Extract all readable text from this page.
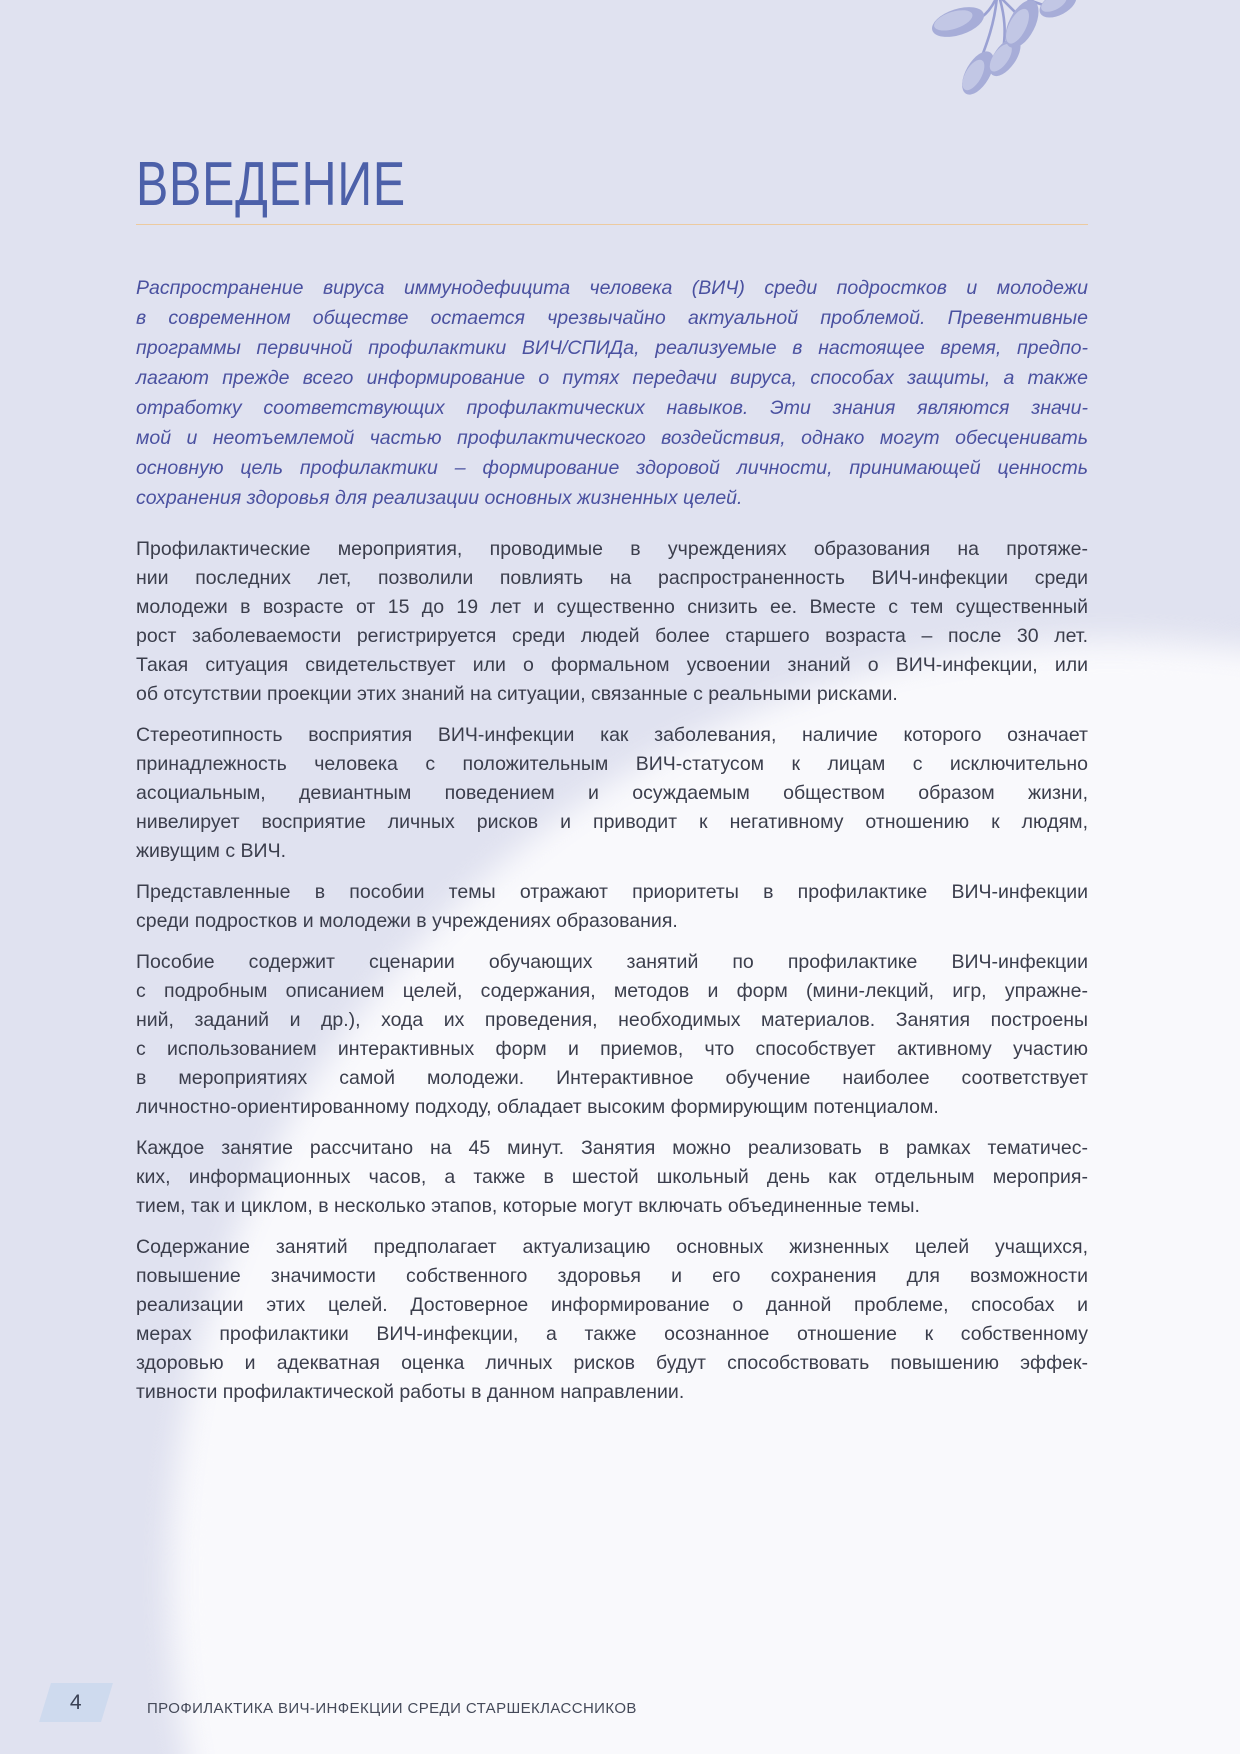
ВВЕДЕНИЕ
Распространение вируса иммунодефицита человека (ВИЧ) среди подростков и молодежи
в современном обществе остается чрезвычайно актуальной проблемой. Превентивные
программы первичной профилактики ВИЧ/СПИДа, реализуемые в настоящее время, предпо-
лагают прежде всего информирование о путях передачи вируса, способах защиты, а также
отработку соответствующих профилактических навыков. Эти знания являются значи-
мой и неотъемлемой частью профилактического воздействия, однако могут обесценивать
основную цель профилактики – формирование здоровой личности, принимающей ценность
сохранения здоровья для реализации основных жизненных целей.
Профилактические мероприятия, проводимые в учреждениях образования на протяже-
нии последних лет, позволили повлиять на распространенность ВИЧ-инфекции среди
молодежи в возрасте от 15 до 19 лет и существенно снизить ее. Вместе с тем существенный
рост заболеваемости регистрируется среди людей более старшего возраста – после 30 лет.
Такая ситуация свидетельствует или о формальном усвоении знаний о ВИЧ-инфекции, или
об отсутствии проекции этих знаний на ситуации, связанные с реальными рисками.
Стереотипность восприятия ВИЧ-инфекции как заболевания, наличие которого означает
принадлежность человека с положительным ВИЧ-статусом к лицам с исключительно
асоциальным, девиантным поведением и осуждаемым обществом образом жизни,
нивелирует восприятие личных рисков и приводит к негативному отношению к людям,
живущим с ВИЧ.
Представленные в пособии темы отражают приоритеты в профилактике ВИЧ-инфекции
среди подростков и молодежи в учреждениях образования.
Пособие содержит сценарии обучающих занятий по профилактике ВИЧ-инфекции
с подробным описанием целей, содержания, методов и форм (мини-лекций, игр, упражне-
ний, заданий и др.), хода их проведения, необходимых материалов. Занятия построены
с использованием интерактивных форм и приемов, что способствует активному участию
в мероприятиях самой молодежи. Интерактивное обучение наиболее соответствует
личностно-ориентированному подходу, обладает высоким формирующим потенциалом.
Каждое занятие рассчитано на 45 минут. Занятия можно реализовать в рамках тематичес-
ких, информационных часов, а также в шестой школьный день как отдельным мероприя-
тием, так и циклом, в несколько этапов, которые могут включать объединенные темы.
Содержание занятий предполагает актуализацию основных жизненных целей учащихся,
повышение значимости собственного здоровья и его сохранения для возможности
реализации этих целей. Достоверное информирование о данной проблеме, способах и
мерах профилактики ВИЧ-инфекции, а также осознанное отношение к собственному
здоровью и адекватная оценка личных рисков будут способствовать повышению эффек-
тивности профилактической работы в данном направлении.
4	ПРОФИЛАКТИКА ВИЧ-ИНФЕКЦИИ СРЕДИ СТАРШЕКЛАССНИКОВ
